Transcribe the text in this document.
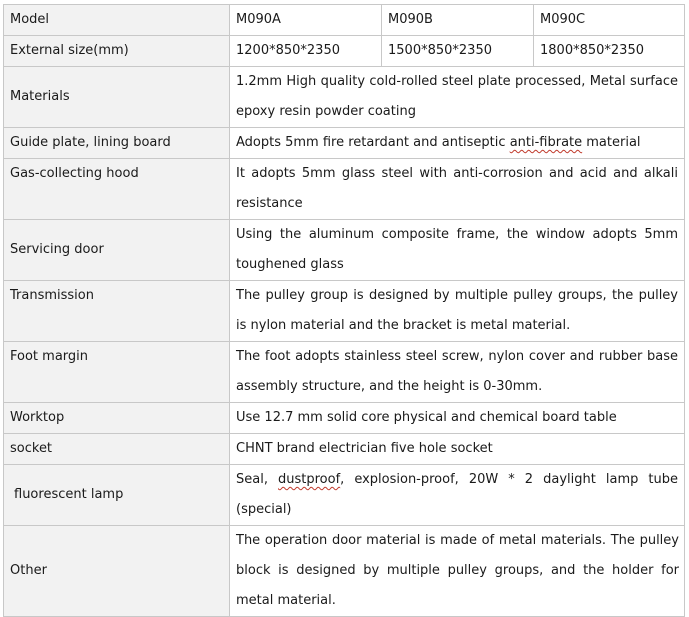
Model	M090A	M090B	M090C
External size(mm)	1200*850*2350	1500*850*2350	1800*850*2350
Materials	1.2mm High quality cold-rolled steel plate processed, Metal surface epoxy resin powder coating		
Guide plate, lining board	Adopts 5mm fire retardant and antiseptic anti-fibrate material		
Gas-collecting hood	It adopts 5mm glass steel with anti-corrosion and acid and alkali resistance		
Servicing door	Using the aluminum composite frame, the window adopts 5mm toughened glass		
Transmission	The pulley group is designed by multiple pulley groups, the pulley is nylon material and the bracket is metal material.		
Foot margin	The foot adopts stainless steel screw, nylon cover and rubber base assembly structure, and the height is 0-30mm.		
Worktop	Use 12.7 mm solid core physical and chemical board table		
socket	CHNT brand electrician five hole socket		
fluorescent lamp	Seal, dustproof, explosion-proof, 20W * 2 daylight lamp tube (special)		
Other	The operation door material is made of metal materials. The pulley block is designed by multiple pulley groups, and the holder for metal material.		
